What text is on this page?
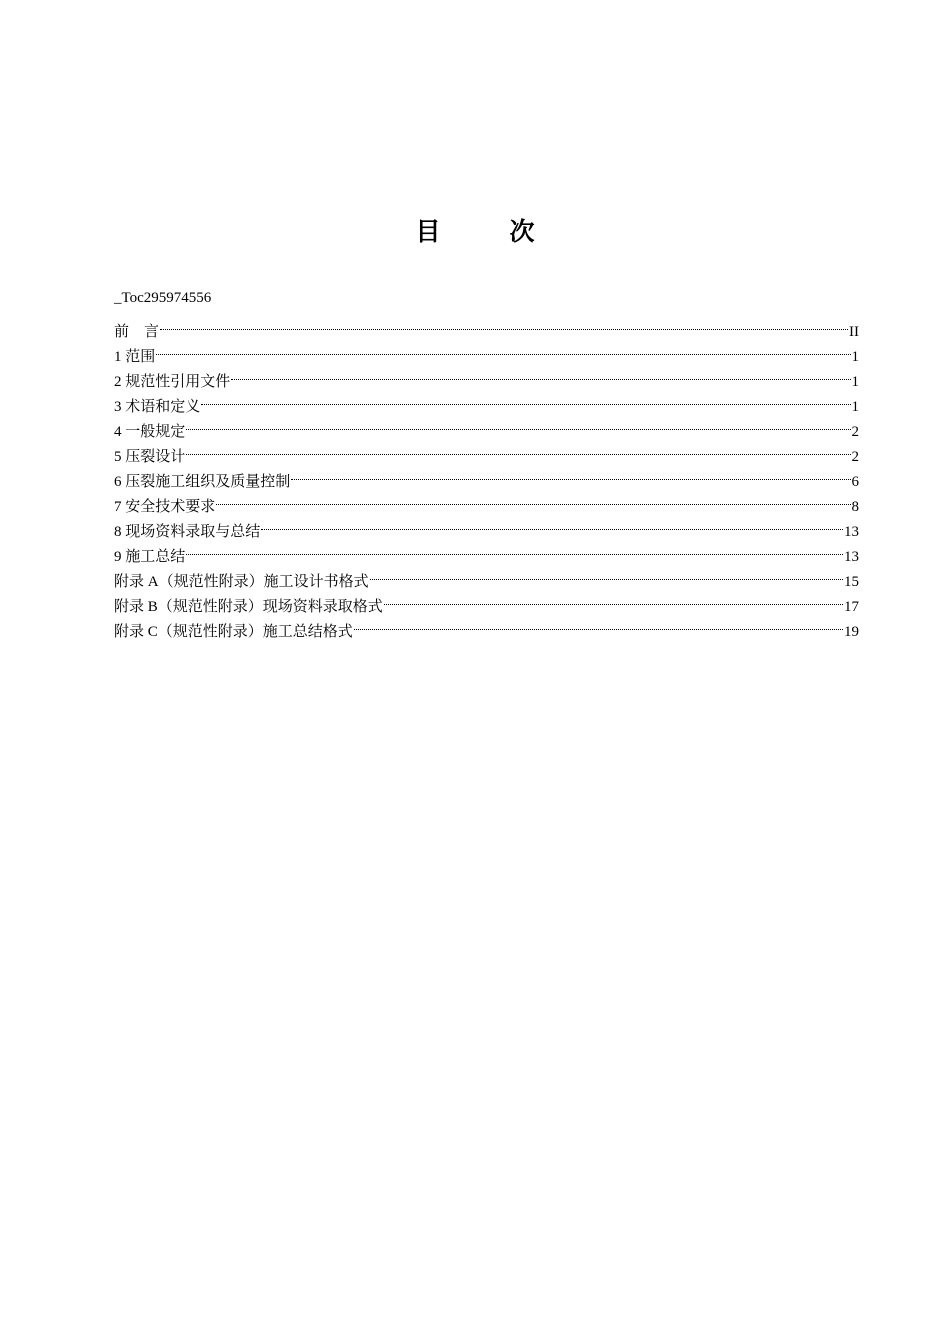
目　次
_Toc295974556
前　言	II
1 范围	1
2 规范性引用文件	1
3 术语和定义	1
4 一般规定	2
5 压裂设计	2
6 压裂施工组织及质量控制	6
7 安全技术要求	8
8 现场资料录取与总结	13
9 施工总结	13
附录 A（规范性附录）施工设计书格式	15
附录 B（规范性附录）现场资料录取格式	17
附录 C（规范性附录）施工总结格式	19
